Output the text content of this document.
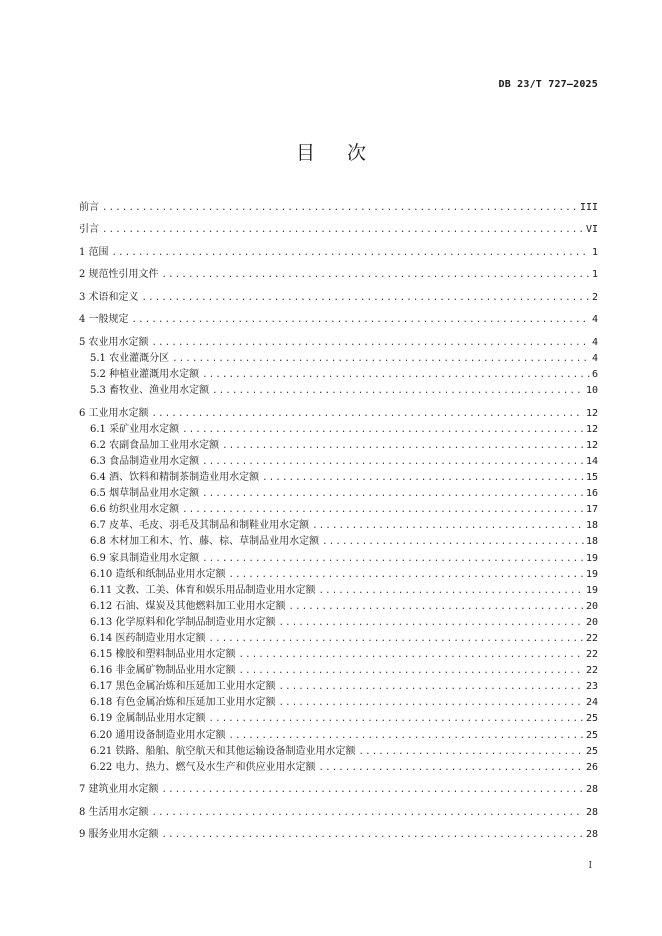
DB 23/T 727—2025
目次
前言 .....	III
引言 .....	VI
1 范围 .....	1
2 规范性引用文件 .....	1
3 术语和定义 .....	2
4 一般规定 .....	4
5 农业用水定额 .....	4
5.1 农业灌溉分区 .....	4
5.2 种植业灌溉用水定额 .....	6
5.3 畜牧业、渔业用水定额 .....	10
6 工业用水定额 .....	12
6.1 采矿业用水定额 .....	12
6.2 农副食品加工业用水定额 .....	12
6.3 食品制造业用水定额 .....	14
6.4 酒、饮料和精制茶制造业用水定额 .....	15
6.5 烟草制品业用水定额 .....	16
6.6 纺织业用水定额 .....	17
6.7 皮革、毛皮、羽毛及其制品和制鞋业用水定额 .....	18
6.8 木材加工和木、竹、藤、棕、草制品业用水定额 .....	18
6.9 家具制造业用水定额 .....	19
6.10 造纸和纸制品业用水定额 .....	19
6.11 文教、工美、体育和娱乐用品制造业用水定额 .....	19
6.12 石油、煤炭及其他燃料加工业用水定额 .....	20
6.13 化学原料和化学制品制造业用水定额 .....	20
6.14 医药制造业用水定额 .....	22
6.15 橡胶和塑料制品业用水定额 .....	22
6.16 非金属矿物制品业用水定额 .....	22
6.17 黑色金属冶炼和压延加工业用水定额 .....	23
6.18 有色金属冶炼和压延加工业用水定额 .....	24
6.19 金属制品业用水定额 .....	25
6.20 通用设备制造业用水定额 .....	25
6.21 铁路、船舶、航空航天和其他运输设备制造业用水定额 .....	25
6.22 电力、热力、燃气及水生产和供应业用水定额 .....	26
7 建筑业用水定额 .....	28
8 生活用水定额 .....	28
9 服务业用水定额 .....	28
I
